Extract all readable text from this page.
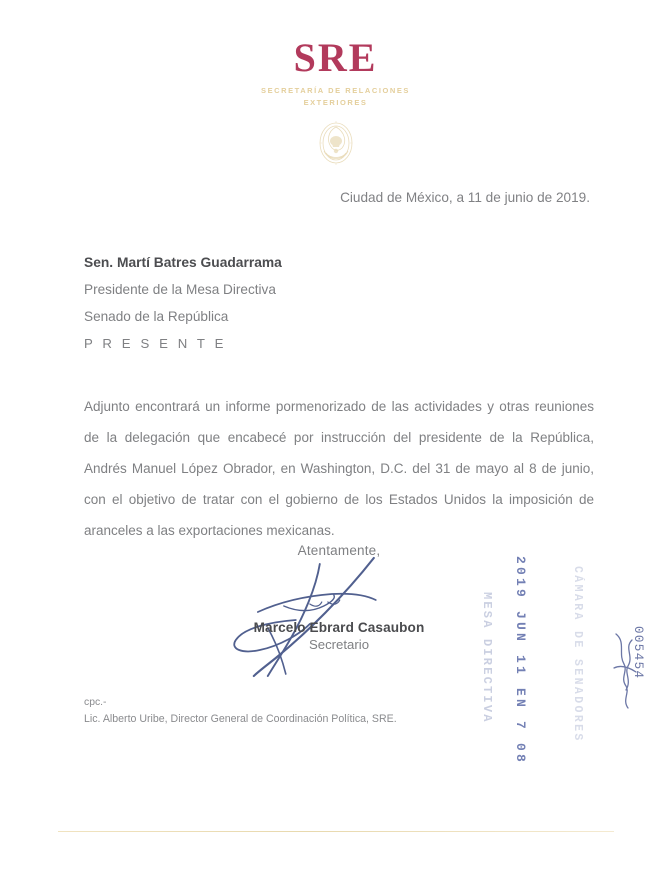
SRE
SECRETARÍA DE RELACIONES
EXTERIORES
Ciudad de México, a 11 de junio de 2019.
Sen. Martí Batres Guadarrama
Presidente de la Mesa Directiva
Senado de la República
P R E S E N T E
Adjunto encontrará un informe pormenorizado de las actividades y otras reuniones de la delegación que encabecé por instrucción del presidente de la República, Andrés Manuel López Obrador, en Washington, D.C. del 31 de mayo al 8 de junio, con el objetivo de tratar con el gobierno de los Estados Unidos la imposición de aranceles a las exportaciones mexicanas.
Atentamente,
Marcelo Ebrard Casaubon
Secretario
cpc.-
Lic. Alberto Uribe, Director General de Coordinación Política, SRE.	CÁMARA DE SENADORES
2019 JUN 11 EN 7 08
MESA DIRECTIVA	005454
